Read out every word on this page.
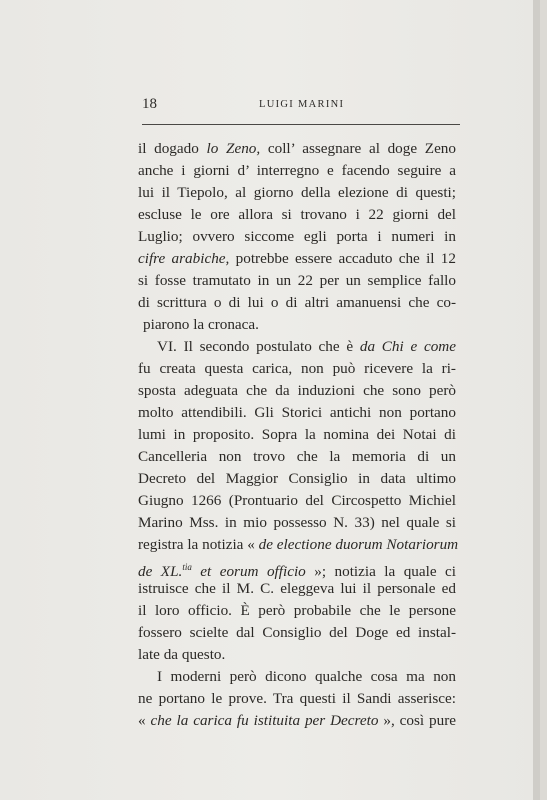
18	LUIGI MARINI
il dogado lo Zeno, coll’ assegnare al doge Zeno
anche i giorni d’ interregno e facendo seguire a
lui il Tiepolo, al giorno della elezione di questi;
escluse le ore allora si trovano i 22 giorni del
Luglio; ovvero siccome egli porta i numeri in
cifre arabiche, potrebbe essere accaduto che il 12
si fosse tramutato in un 22 per un semplice fallo
di scrittura o di lui o di altri amanuensi che co-
piarono la cronaca.
VI. Il secondo postulato che è da Chi e come
fu creata questa carica, non può ricevere la ri-
sposta adeguata che da induzioni che sono però
molto attendibili. Gli Storici antichi non portano
lumi in proposito. Sopra la nomina dei Notai di
Cancelleria non trovo che la memoria di un
Decreto del Maggior Consiglio in data ultimo
Giugno 1266 (Prontuario del Circospetto Michiel
Marino Mss. in mio possesso N. 33) nel quale si
registra la notizia « de electione duorum Notariorum
de XL.$^{tia}$ et eorum officio »; notizia la quale ci
istruisce che il M. C. eleggeva lui il personale ed
il loro officio. È però probabile che le persone
fossero scielte dal Consiglio del Doge ed instal-
late da questo.
I moderni però dicono qualche cosa ma non
ne portano le prove. Tra questi il Sandi asserisce:
« che la carica fu istituita per Decreto », così pure
